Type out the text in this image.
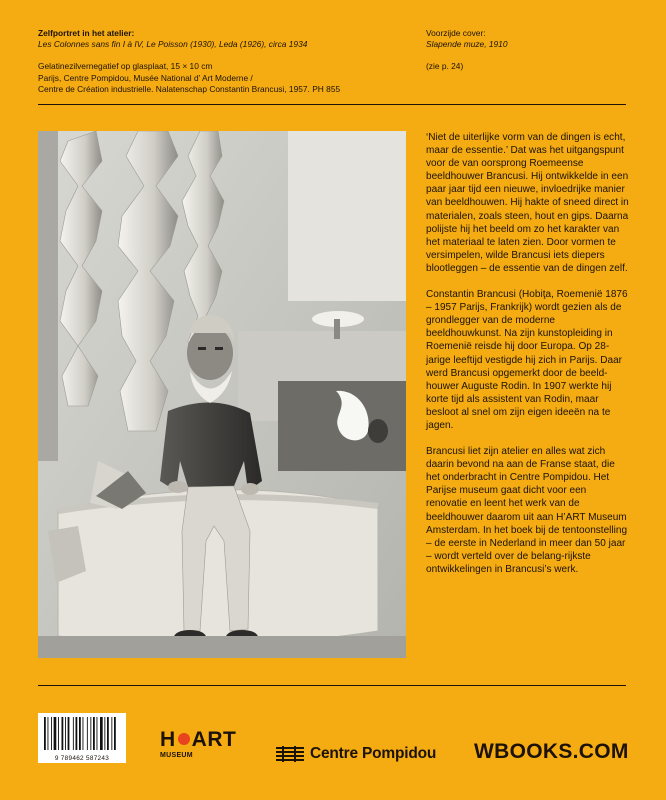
Zelfportret in het atelier:
Les Colonnes sans fin I à IV, Le Poisson (1930), Leda (1926), circa 1934
Gelatinezilvernegatief op glasplaat, 15 × 10 cm
Parijs, Centre Pompidou, Musée National d’ Art Moderne /
Centre de Création industrielle. Nalatenschap Constantin Brancusi, 1957. PH 855
Voorzijde cover:
Slapende muze, 1910
(zie p. 24)

‘Niet de uiterlijke vorm van de dingen is echt, maar de essentie.’ Dat was het uitgangspunt voor de van oorsprong Roemeense beeldhouwer Brancusi. Hij ontwikkelde in een paar jaar tijd een nieuwe, invloedrijke manier van beeldhouwen. Hij hakte of sneed direct in materialen, zoals steen, hout en gips. Daarna polijste hij het beeld om zo het karakter van het materiaal te laten zien. Door vormen te versimpelen, wilde Brancusi iets diepers blootleggen – de essentie van de dingen zelf.

Constantin Brancusi (Hobiţa, Roemenië 1876 – 1957 Parijs, Frankrijk) wordt gezien als de grondlegger van de moderne beeldhouwkunst. Na zijn kunstopleiding in Roemenië reisde hij door Europa. Op 28-jarige leeftijd vestigde hij zich in Parijs. Daar werd Brancusi opgemerkt door de beeld-houwer Auguste Rodin. In 1907 werkte hij korte tijd als assistent van Rodin, maar besloot al snel om zijn eigen ideeën na te jagen.

Brancusi liet zijn atelier en alles wat zich daarin bevond na aan de Franse staat, die het onderbracht in Centre Pompidou. Het Parijse museum gaat dicht voor een renovatie en leent het werk van de beeldhouwer daarom uit aan H’ART Museum Amsterdam. In het boek bij de tentoonstelling – de eerste in Nederland in meer dan 50 jaar – wordt verteld over de belang-rijkste ontwikkelingen in Brancusi’s werk.

9 789462 587243
H ART
MUSEUM	Centre Pompidou WBOOKS.COM
